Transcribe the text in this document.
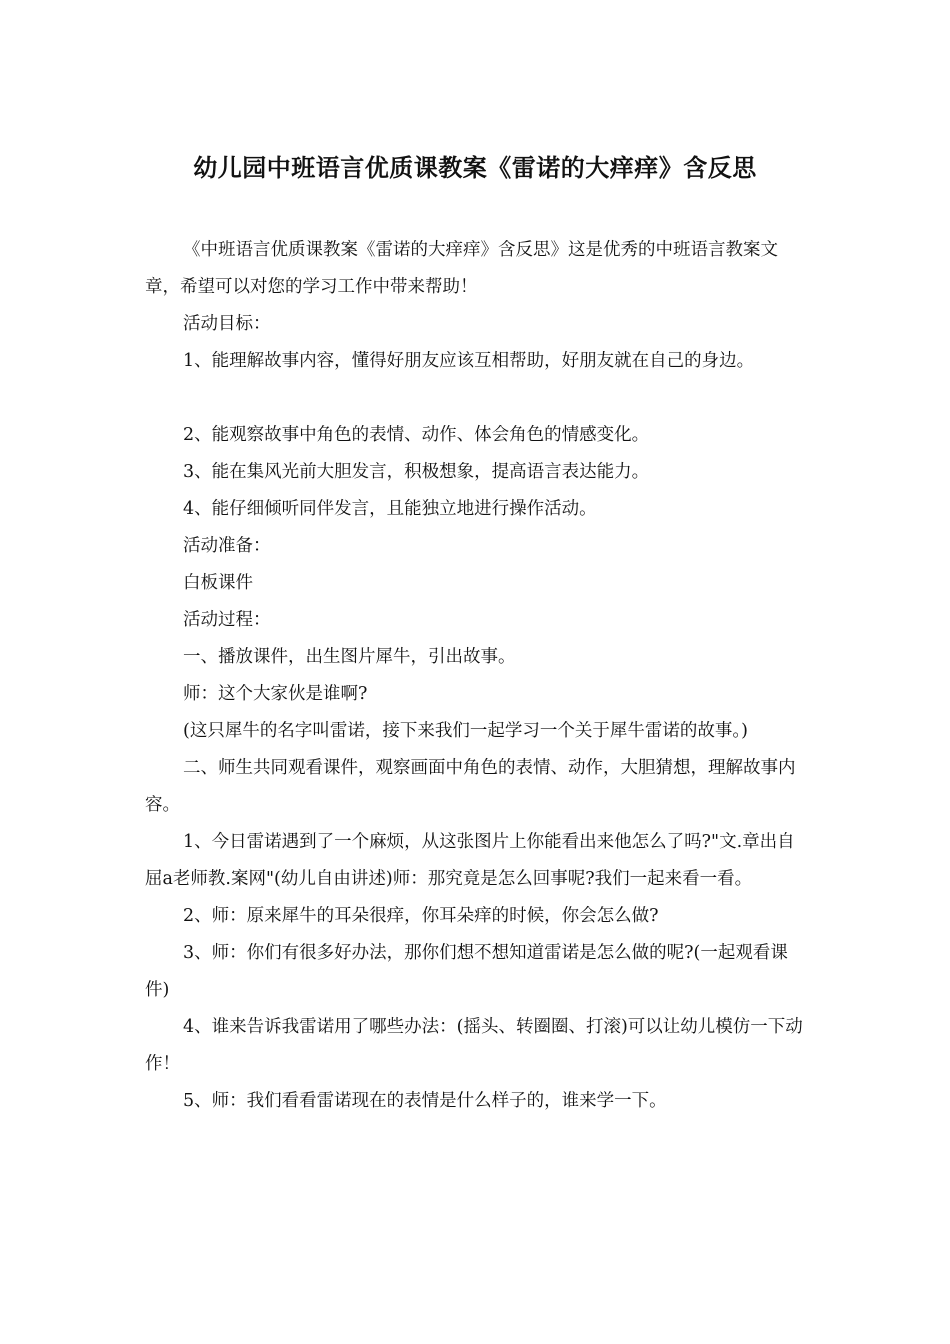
幼儿园中班语言优质课教案《雷诺的大痒痒》含反思

《中班语言优质课教案《雷诺的大痒痒》含反思》这是优秀的中班语言教案文章，希望可以对您的学习工作中带来帮助！

活动目标：

1、能理解故事内容，懂得好朋友应该互相帮助，好朋友就在自己的身边。

2、能观察故事中角色的表情、动作、体会角色的情感变化。

3、能在集风光前大胆发言，积极想象，提高语言表达能力。

4、能仔细倾听同伴发言，且能独立地进行操作活动。

活动准备：

白板课件

活动过程：

一、播放课件，出生图片犀牛，引出故事。

师：这个大家伙是谁啊?

(这只犀牛的名字叫雷诺，接下来我们一起学习一个关于犀牛雷诺的故事。)

二、师生共同观看课件，观察画面中角色的表情、动作，大胆猜想，理解故事内容。

1、今日雷诺遇到了一个麻烦，从这张图片上你能看出来他怎么了吗?"文.章出自屈a老师教.案网"(幼儿自由讲述)师：那究竟是怎么回事呢?我们一起来看一看。

2、师：原来犀牛的耳朵很痒，你耳朵痒的时候，你会怎么做?

3、师：你们有很多好办法，那你们想不想知道雷诺是怎么做的呢?(一起观看课件)

4、谁来告诉我雷诺用了哪些办法：(摇头、转圈圈、打滚)可以让幼儿模仿一下动作！

5、师：我们看看雷诺现在的表情是什么样子的，谁来学一下。
